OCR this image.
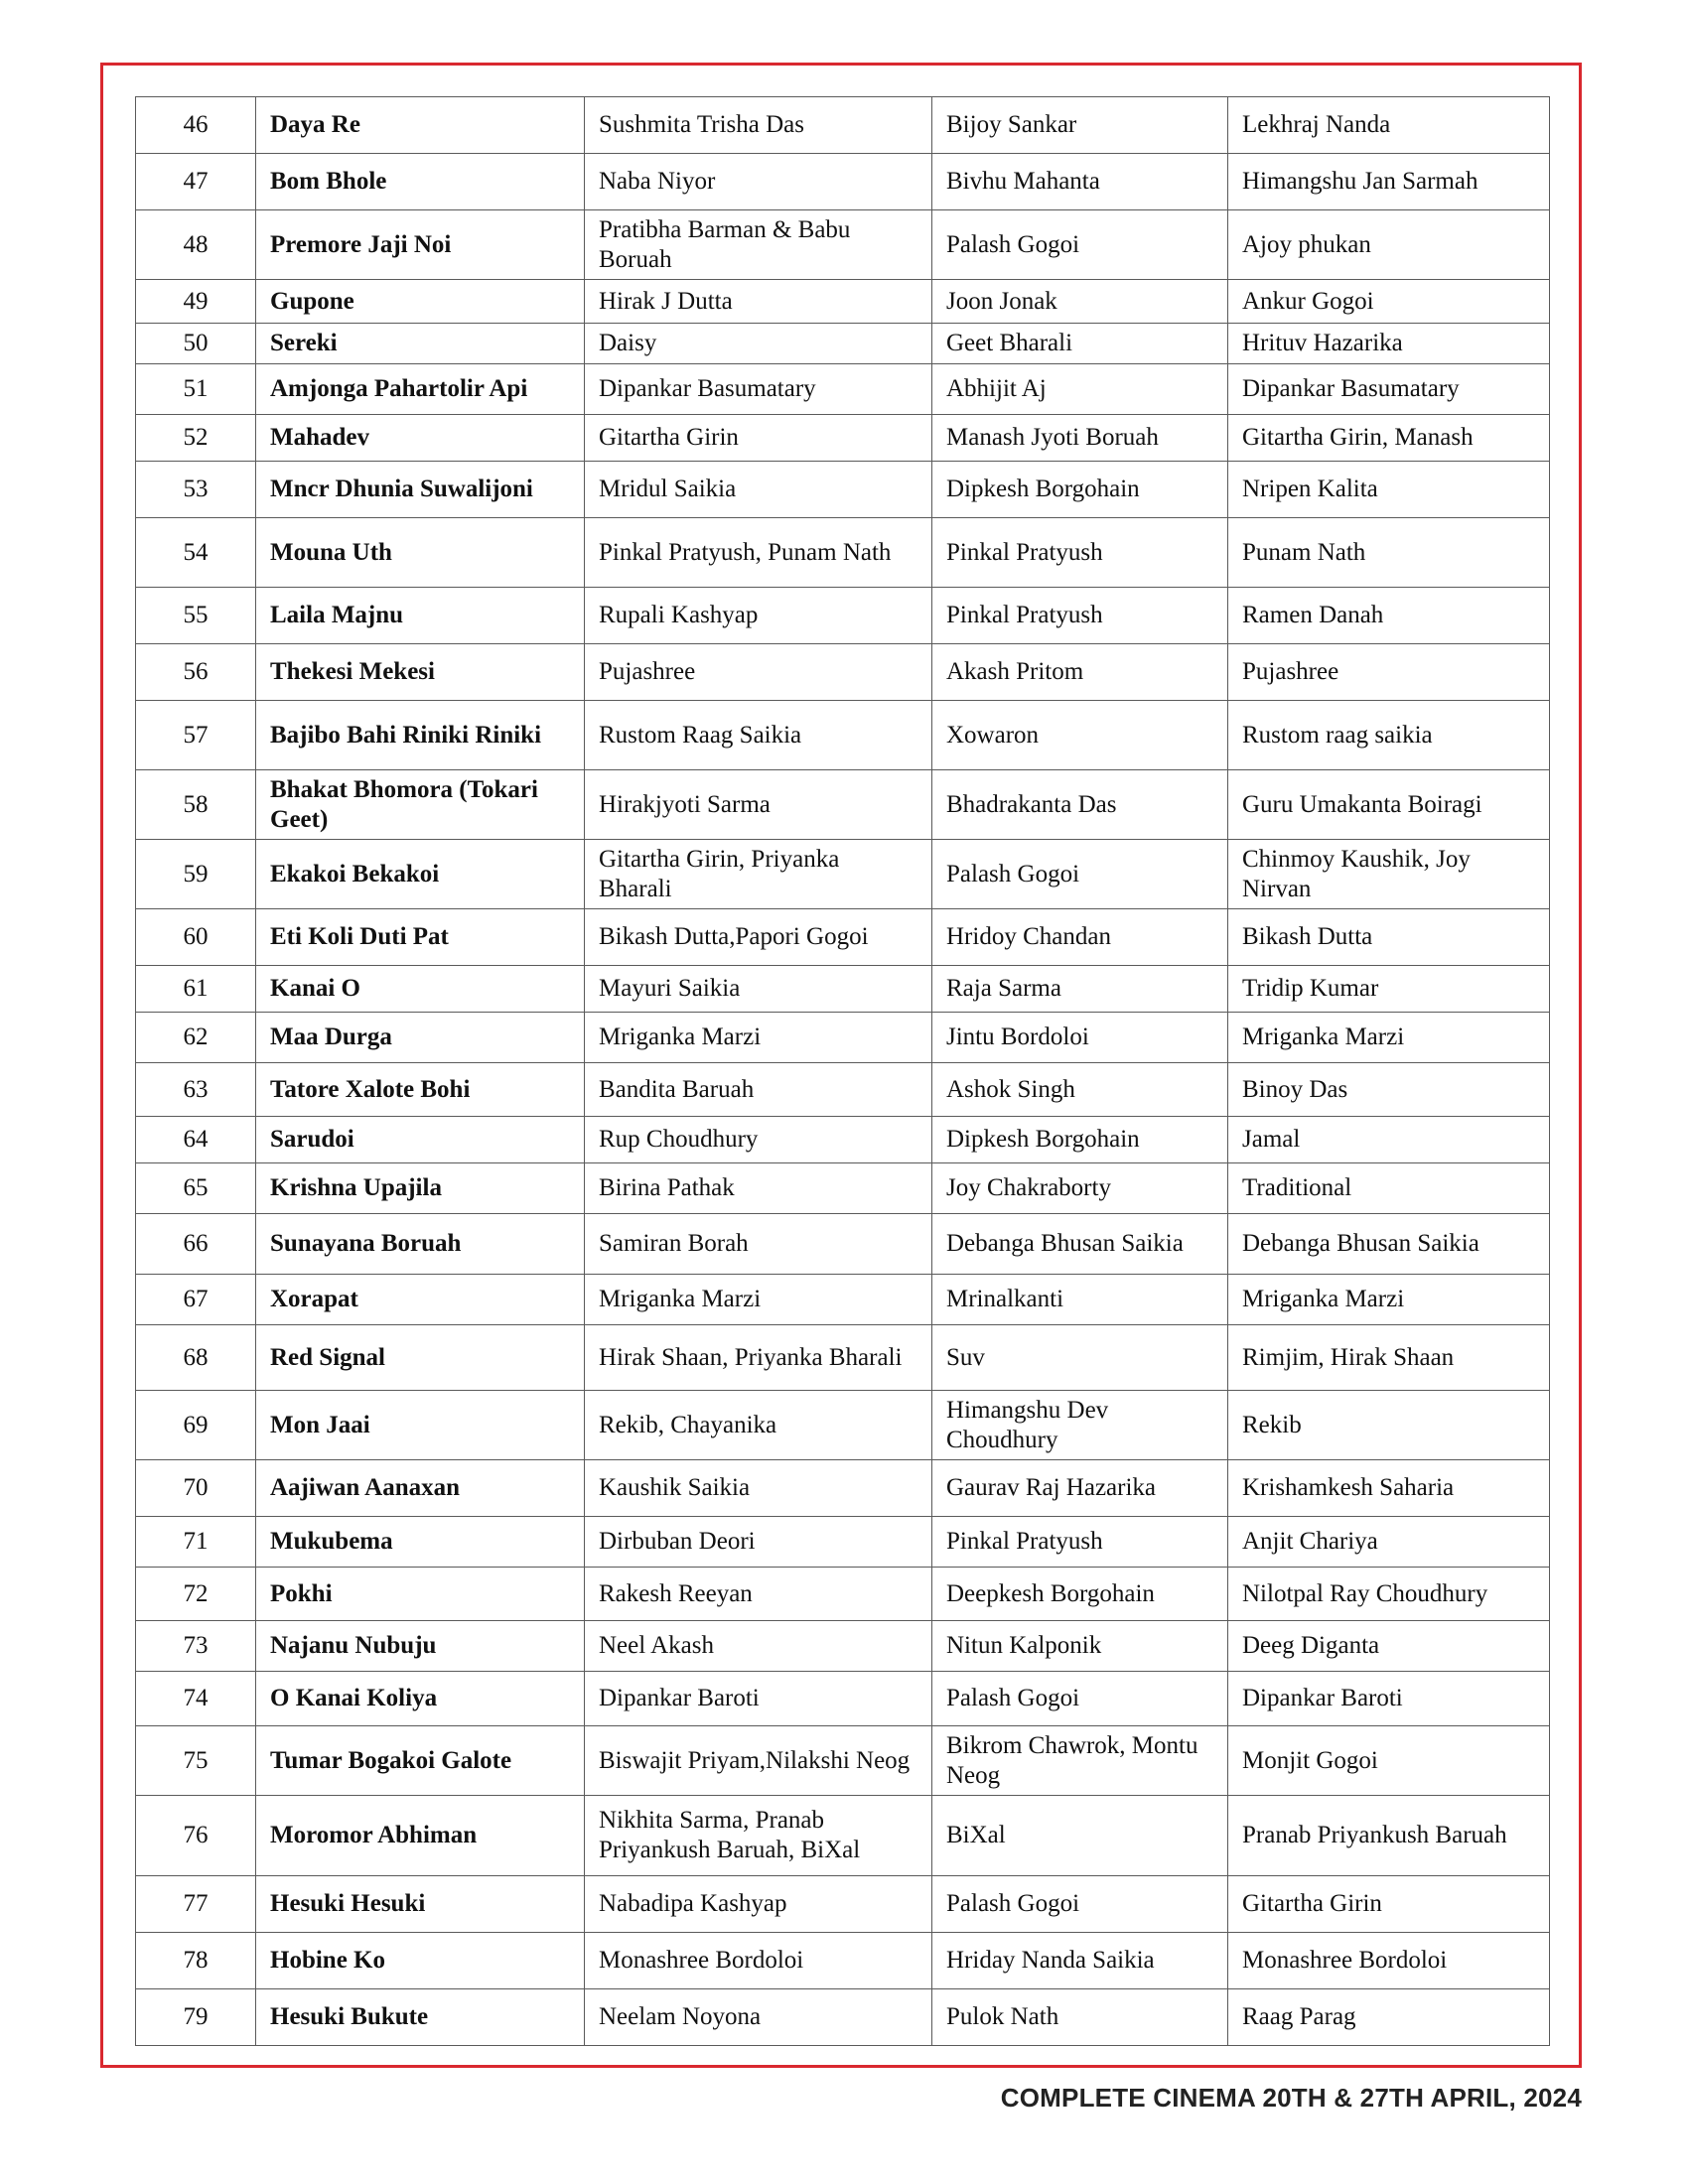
46	Daya Re	Sushmita Trisha Das	Bijoy Sankar	Lekhraj Nanda
47	Bom Bhole	Naba Niyor	Bivhu Mahanta	Himangshu Jan Sarmah
48	Premore Jaji Noi	Pratibha Barman & Babu Boruah	Palash Gogoi	Ajoy phukan
49	Gupone	Hirak J Dutta	Joon Jonak	Ankur Gogoi
50	Sereki	Daisy	Geet Bharali	Hrituv Hazarika
51	Amjonga Pahartolir Api	Dipankar Basumatary	Abhijit Aj	Dipankar Basumatary
52	Mahadev	Gitartha Girin	Manash Jyoti Boruah	Gitartha Girin, Manash
53	Mncr Dhunia Suwalijoni	Mridul Saikia	Dipkesh Borgohain	Nripen Kalita
54	Mouna Uth	Pinkal Pratyush, Punam Nath	Pinkal Pratyush	Punam Nath
55	Laila Majnu	Rupali Kashyap	Pinkal Pratyush	Ramen Danah
56	Thekesi Mekesi	Pujashree	Akash Pritom	Pujashree
57	Bajibo Bahi Riniki Riniki	Rustom Raag Saikia	Xowaron	Rustom raag saikia
58	Bhakat Bhomora (Tokari Geet)	Hirakjyoti Sarma	Bhadrakanta Das	Guru Umakanta Boiragi
59	Ekakoi Bekakoi	Gitartha Girin, Priyanka Bharali	Palash Gogoi	Chinmoy Kaushik, Joy Nirvan
60	Eti Koli Duti Pat	Bikash Dutta,Papori Gogoi	Hridoy Chandan	Bikash Dutta
61	Kanai O	Mayuri Saikia	Raja Sarma	Tridip Kumar
62	Maa Durga	Mriganka Marzi	Jintu Bordoloi	Mriganka Marzi
63	Tatore Xalote Bohi	Bandita Baruah	Ashok Singh	Binoy Das
64	Sarudoi	Rup Choudhury	Dipkesh Borgohain	Jamal
65	Krishna Upajila	Birina Pathak	Joy Chakraborty	Traditional
66	Sunayana Boruah	Samiran Borah	Debanga Bhusan Saikia	Debanga Bhusan Saikia
67	Xorapat	Mriganka Marzi	Mrinalkanti	Mriganka Marzi
68	Red Signal	Hirak Shaan, Priyanka Bharali	Suv	Rimjim, Hirak Shaan
69	Mon Jaai	Rekib, Chayanika	Himangshu Dev Choudhury	Rekib
70	Aajiwan Aanaxan	Kaushik Saikia	Gaurav Raj Hazarika	Krishamkesh Saharia
71	Mukubema	Dirbuban Deori	Pinkal Pratyush	Anjit Chariya
72	Pokhi	Rakesh Reeyan	Deepkesh Borgohain	Nilotpal Ray Choudhury
73	Najanu Nubuju	Neel Akash	Nitun Kalponik	Deeg Diganta
74	O Kanai Koliya	Dipankar Baroti	Palash Gogoi	Dipankar Baroti
75	Tumar Bogakoi Galote	Biswajit Priyam,Nilakshi Neog	Bikrom Chawrok, Montu Neog	Monjit Gogoi
76	Moromor Abhiman	Nikhita Sarma, Pranab Priyankush Baruah, BiXal	BiXal	Pranab Priyankush Baruah
77	Hesuki Hesuki	Nabadipa Kashyap	Palash Gogoi	Gitartha Girin
78	Hobine Ko	Monashree Bordoloi	Hriday Nanda Saikia	Monashree Bordoloi
79	Hesuki Bukute	Neelam Noyona	Pulok Nath	Raag Parag
COMPLETE CINEMA 20TH & 27TH APRIL, 2024
